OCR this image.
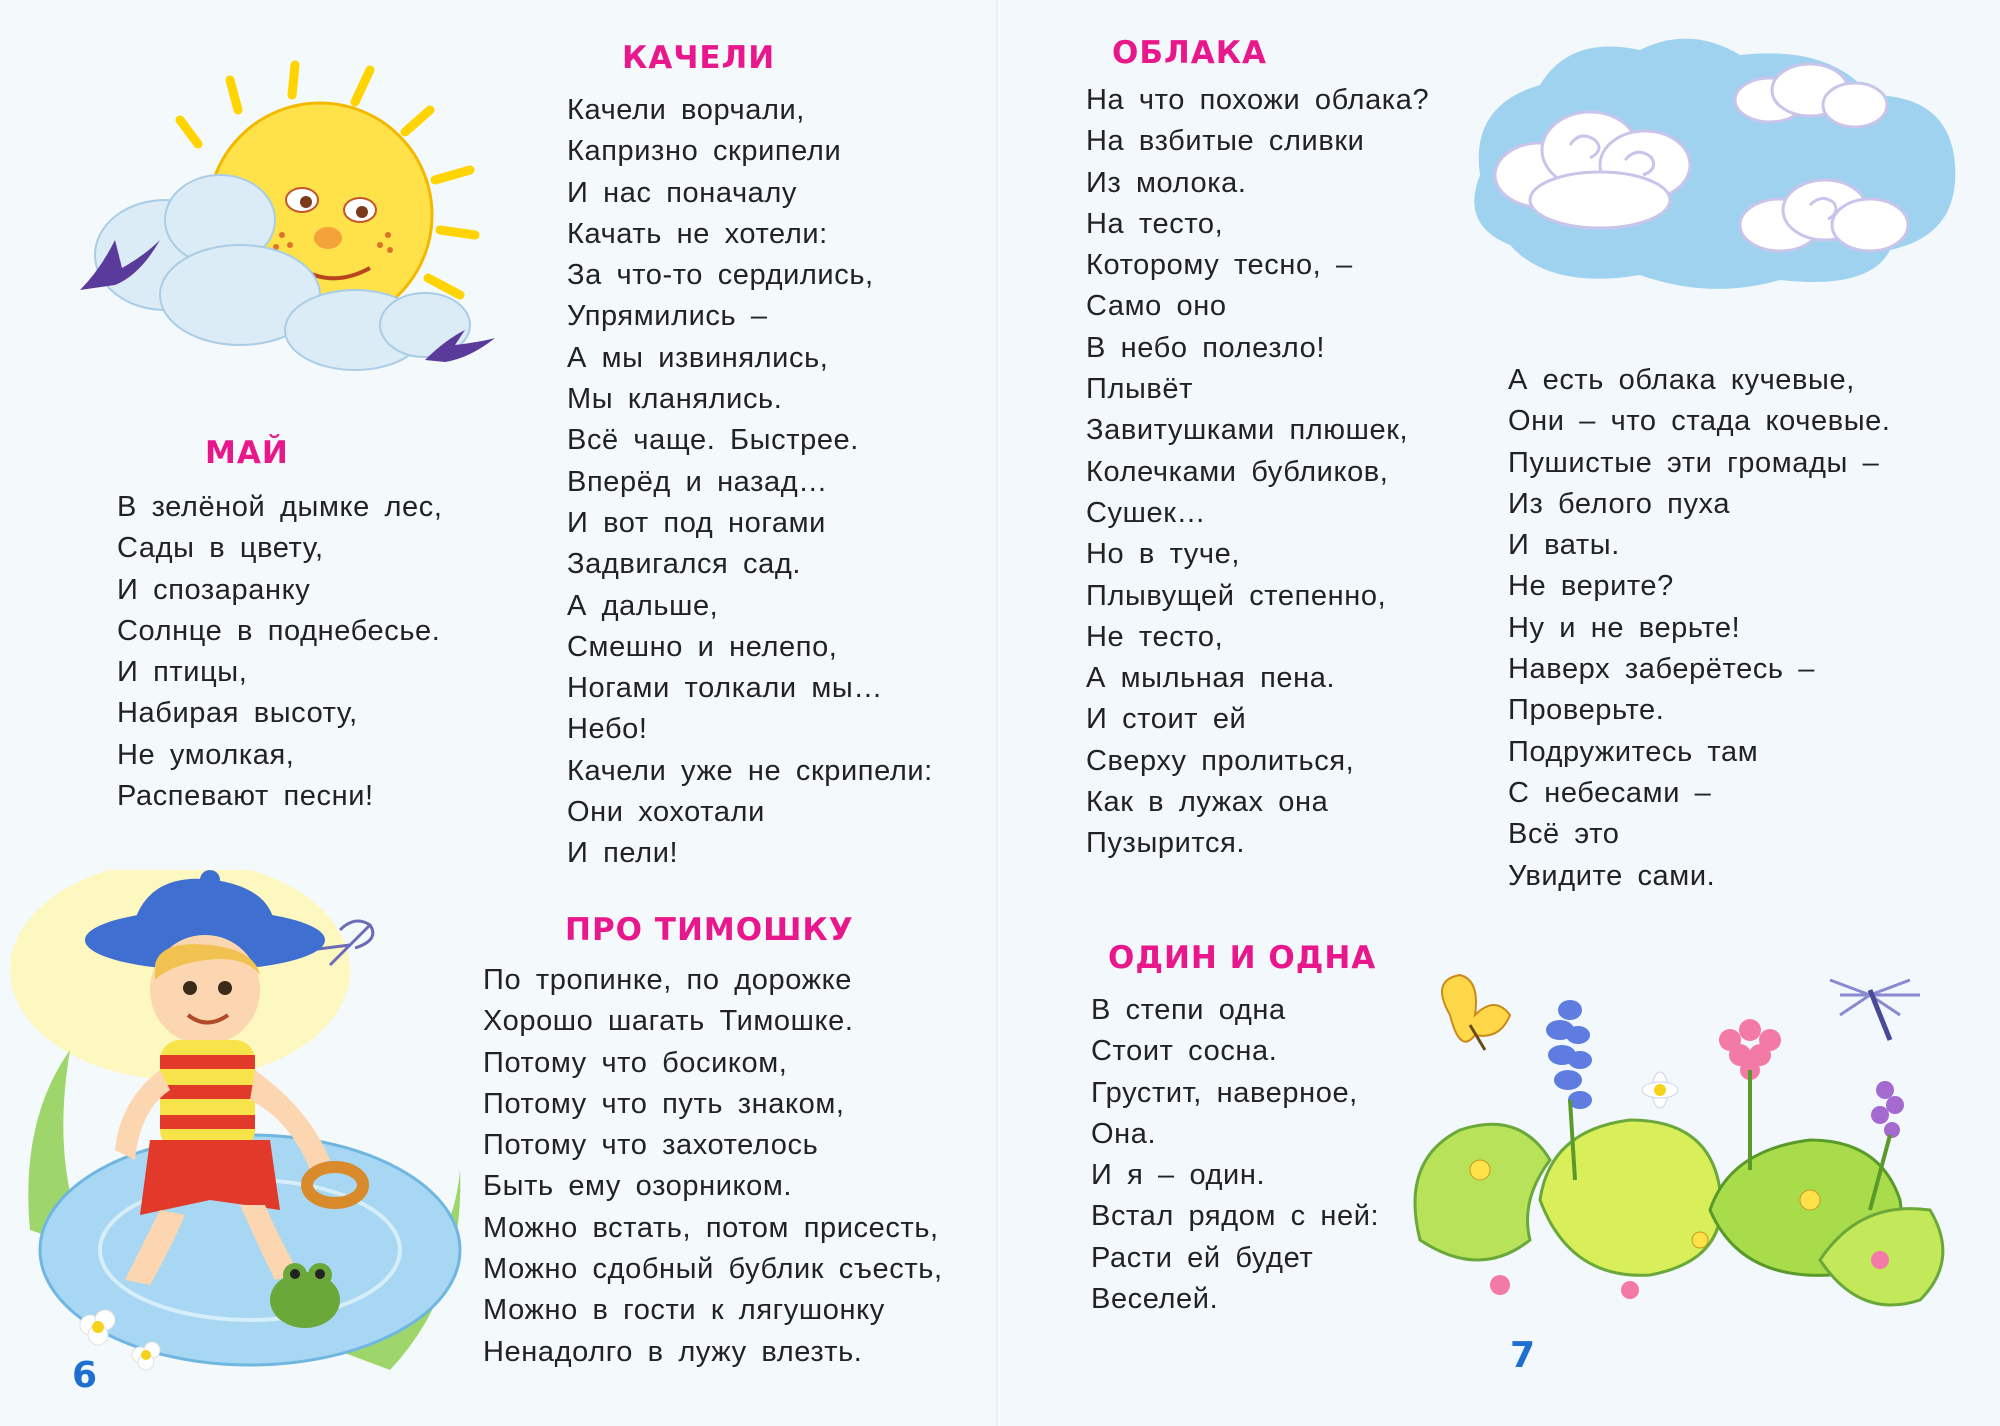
КАЧЕЛИ
Качели ворчали,
Капризно скрипели
И нас поначалу
Качать не хотели:
За что-то сердились,
Упрямились –
А мы извинялись,
Мы кланялись.
Всё чаще. Быстрее.
Вперёд и назад…
И вот под ногами
Задвигался сад.
А дальше,
Смешно и нелепо,
Ногами толкали мы…
Небо!
Качели уже не скрипели:
Они хохотали
И пели!
МАЙ
В зелёной дымке лес,
Сады в цвету,
И спозаранку
Солнце в поднебесье.
И птицы,
Набирая высоту,
Не умолкая,
Распевают песни!
ПРО ТИМОШКУ
По тропинке, по дорожке
Хорошо шагать Тимошке.
Потому что босиком,
Потому что путь знаком,
Потому что захотелось
Быть ему озорником.
Можно встать, потом присесть,
Можно сдобный бублик съесть,
Можно в гости к лягушонку
Ненадолго в лужу влезть.
6
ОБЛАКА
На что похожи облака?
На взбитые сливки
Из молока.
На тесто,
Которому тесно, –
Само оно
В небо полезло!
Плывёт
Завитушками плюшек,
Колечками бубликов,
Сушек…
Но в туче,
Плывущей степенно,
Не тесто,
А мыльная пена.
И стоит ей
Сверху пролиться,
Как в лужах она
Пузырится.
А есть облака кучевые,
Они – что стада кочевые.
Пушистые эти громады –
Из белого пуха
И ваты.
Не верите?
Ну и не верьте!
Наверх заберётесь –
Проверьте.
Подружитесь там
С небесами –
Всё это
Увидите сами.
ОДИН И ОДНА
В степи одна
Стоит сосна.
Грустит, наверное,
Она.
И я – один.
Встал рядом с ней:
Расти ей будет
Веселей.
7
